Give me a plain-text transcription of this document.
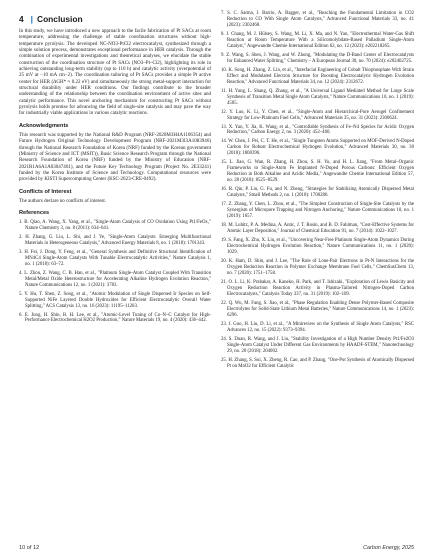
4 | Conclusion

In this study, we have introduced a new approach to the facile fabrication of Pt SACs at room temperature, addressing the challenge of stable coordination structures without high-temperature pyrolysis. The developed NC-NO3-PtCl2 electrocatalyst, synthesized through a simple solution process, demonstrates exceptional performance in HER catalysis. Through the combination of experimental investigations and theoretical analyses, we elucidate the stable construction of the coordination structure of Pt SACs (NO3–Pt–Cl2), highlighting its role in achieving outstanding long-term stability (up to 110 h) and catalytic activity (overpotential of 25 mV at −10 mA cm−2). The coordination tailoring of Pt SACs provides a simple Pt active center for HER (ΔGH* ≈ 0.22 eV) and simultaneously the strong metal-support interaction for structural durability under HER conditions. Our findings contribute to the broader understanding of the relationship between the coordination environment of active sites and catalytic performance. This novel anchoring mechanism for constructing Pt SACs without pyrolysis holds promise for advancing the field of single-site catalysis and may pave the way for industrially viable applications in various catalytic reactions.

Acknowledgments

This research was supported by the National R&D Program (NRF-2020M3H4A1106354) and Future Hydrogen Original Technology Development Program (NRF-2021M3I3A1083946) through the National Research Foundation of Korea (NRF) funded by the Korean government (Ministry of Science and ICT (MSIT)), Basic Science Research Program through the National Research Foundation of Korea (NRF) funded by the Ministry of Education (NRF-2021R1A6A1A03047461), and the Future Key Technology Program (Project No. 2E33241) funded by the Korea Institute of Science and Technology. Computational resources were provided by KISTI Supercomputing Center (KSC-2023-CRE-0492).

Conflicts of Interest

The authors declare no conflicts of interest.

References
1. B. Qiao, A. Wang, X. Yang, et al., "Single-Atom Catalysis of CO Oxidation Using Pt1/FeOx," Nature Chemistry 3, no. 8 (2011): 634–641.
2. H. Zhang, G. Liu, L. Shi, and J. Ye, "Single-Atom Catalysts: Emerging Multifunctional Materials in Heterogeneous Catalysis," Advanced Energy Materials 8, no. 1 (2018): 1701343.
3. H. Fei, J. Dong, Y. Feng, et al., "General Synthesis and Definitive Structural Identification of MN4C4 Single-Atom Catalysts With Tunable Electrocatalytic Activities," Nature Catalysis 1, no. 1 (2018): 63–72.
4. L. Zhou, Z. Wang, C. B. Han, et al., "Platinum Single-Atom Catalyst Coupled With Transition Metal/Metal Oxide Heterostructure for Accelerating Alkaline Hydrogen Evolution Reaction," Nature Communications 12, no. 1 (2021): 3783.
5. Y. Hu, T. Shen, Z. Song, et al., "Atomic Modulation of Single Dispersed Ir Species on Self-Supported NiFe Layered Double Hydroxides for Efficient Electrocatalytic Overall Water Splitting," ACS Catalysis 13, no. 16 (2023): 11195–11203.
6. E. Jung, H. Shin, B. H. Lee, et al., "Atomic-Level Tuning of Co–N–C Catalyst for High-Performance Electrochemical H2O2 Production," Nature Materials 19, no. 4 (2020): 436–442.
7. S. C. Sarma, J. Barrio, A. Bagger, et al., "Reaching the Fundamental Limitation in CO2 Reduction to CO With Single Atom Catalysts," Advanced Functional Materials 33, no. 41 (2023): 2302468.
8. J. Chang, M. J. Hülsey, S. Wang, M. Li, X. Ma, and N. Yan, "Electrothermal Water-Gas Shift Reaction at Room Temperature With a Silicomolybdate-Based Palladium Single-Atom Catalyst," Angewandte Chemie International Edition 62, no. 12 (2023): e202218265.
9. Z. Wang, S. Shen, J. Wang, and W. Zhong, "Modulating the D-Band Center of Electrocatalysts for Enhanced Water Splitting," Chemistry – A European Journal 30, no. 70 (2024): e202402725.
10. K. Song, H. Zhang, Z. Lin, et al., "Interfacial Engineering of Cobalt Thiophosphate With Strain Effect and Modulated Electron Structure for Boosting Electrocatalytic Hydrogen Evolution Reaction," Advanced Functional Materials 34, no. 12 (2024): 2312672.
11. H. Yang, L. Shang, Q. Zhang, et al., "A Universal Ligand Mediated Method for Large Scale Synthesis of Transition Metal Single Atom Catalysts," Nature Communications 10, no. 1 (2019): 4585.
12. Y. Luo, K. Li, Y. Chen, et al., "Single-Atom and Hierarchical-Pore Aerogel Confinement Strategy for Low-Platinum Fuel Cells," Advanced Materials 35, no. 31 (2023): 2300624.
13. X. Yan, Y. Jia, K. Wang, et al., "Controllable Synthesis of Fe–N4 Species for Acidic Oxygen Reduction," Carbon Energy 2, no. 3 (2020): 452–460.
14. W. Chen, J. Pei, C. T. He, et al., "Single Tungsten Atoms Supported on MOF-Derived N-Doped Carbon for Robust Electrochemical Hydrogen Evolution," Advanced Materials 30, no. 30 (2018): 1800396.
15. L. Jiao, G. Wan, R. Zhang, H. Zhou, S. H. Yu, and H. L. Jiang, "From Metal–Organic Frameworks to Single-Atom Fe Implanted N-Doped Porous Carbons: Efficient Oxygen Reduction in Both Alkaline and Acidic Media," Angewandte Chemie International Edition 57, no. 28 (2018): 8525–8529.
16. R. Qin, P. Liu, G. Fu, and N. Zheng, "Strategies for Stabilizing Atomically Dispersed Metal Catalysts," Small Methods 2, no. 1 (2018): 1700286.
17. Z. Zhang, Y. Chen, L. Zhou, et al., "The Simplest Construction of Single-Site Catalysts by the Synergism of Micropore Trapping and Nitrogen Anchoring," Nature Communications 10, no. 1 (2019): 1657.
18. M. Lubitz, P. A. Medina, A. Antic, J. T. Rosin, and B. D. Fahlman, "Cost-Effective Systems for Atomic Layer Deposition," Journal of Chemical Education 91, no. 7 (2014): 1022–1027.
19. S. Fang, X. Zhu, X. Liu, et al., "Uncovering Near-Free Platinum Single-Atom Dynamics During Electrochemical Hydrogen Evolution Reaction," Nature Communications 11, no. 1 (2020): 1029.
20. K. Ham, D. Shin, and J. Lee, "The Role of Lone-Pair Electrons in Pt-N Interactions for the Oxygen Reduction Reaction in Polymer Exchange Membrane Fuel Cells," ChemSusChem 13, no. 7 (2020): 1751–1758.
21. O. L. Li, K. Prabakar, A. Kaneko, H. Park, and T. Ishizaki, "Exploration of Lewis Basicity and Oxygen Reduction Reaction Activity in Plasma-Tailored Nitrogen-Doped Carbon Electrocatalysts," Catalysis Today 337, no. 31 (2019): 102–109.
22. Q. Wu, M. Fang, S. Jiao, et al., "Phase Regulation Enabling Dense Polymer-Based Composite Electrolytes for Solid-State Lithium Metal Batteries," Nature Communications 14, no. 1 (2023): 6296.
23. J. Guo, H. Liu, D. Li, et al., "A Minireview on the Synthesis of Single Atom Catalysts," RSC Advances 12, no. 15 (2022): 9373–9394.
24. S. Duan, R. Wang, and J. Liu, "Stability Investigation of a High Number Density Pt1/Fe2O3 Single-Atom Catalyst Under Different Gas Environments by HAADF-STEM," Nanotechnology 29, no. 20 (2018): 204002.
25. H. Zhang, S. Sui, X. Zheng, R. Cao, and P. Zhang, "One-Pot Synthesis of Atomically Dispersed Pt on MnO2 for Efficient Catalytic
10 of 12	Carbon Energy, 2025
